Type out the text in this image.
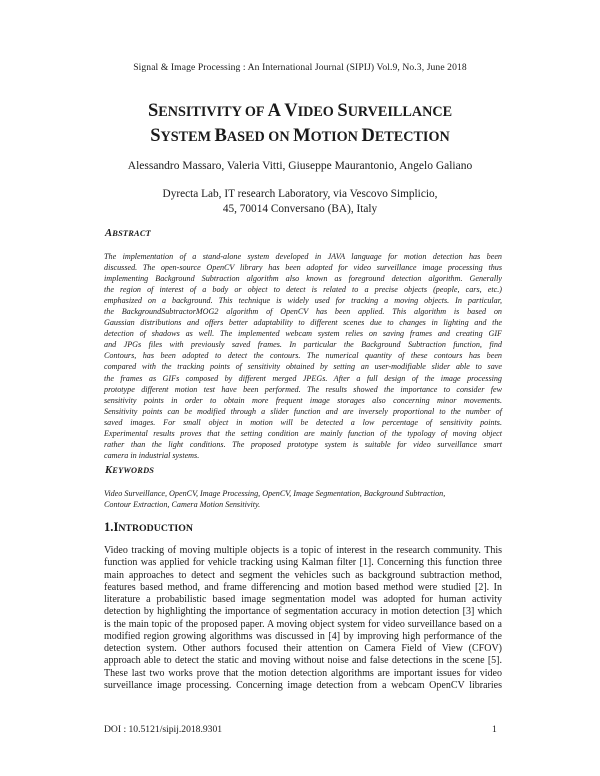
Signal & Image Processing : An International Journal (SIPIJ) Vol.9, No.3, June 2018
SENSITIVITY OF A VIDEO SURVEILLANCE
SYSTEM BASED ON MOTION DETECTION
Alessandro Massaro, Valeria Vitti, Giuseppe Maurantonio, Angelo Galiano
Dyrecta Lab, IT research Laboratory, via Vescovo Simplicio,
45, 70014 Conversano (BA), Italy
ABSTRACT
The implementation of a stand-alone system developed in JAVA language for motion detection has been
discussed. The open-source OpenCV library has been adopted for video surveillance image processing thus
implementing Background Subtraction algorithm also known as foreground detection algorithm. Generally
the region of interest of a body or object to detect is related to a precise objects (people, cars, etc.)
emphasized on a background. This technique is widely used for tracking a moving objects. In particular,
the BackgroundSubtractorMOG2 algorithm of OpenCV has been applied. This algorithm is based on
Gaussian distributions and offers better adaptability to different scenes due to changes in lighting and the
detection of shadows as well. The implemented webcam system relies on saving frames and creating GIF
and JPGs files with previously saved frames. In particular the Background Subtraction function, find
Contours, has been adopted to detect the contours. The numerical quantity of these contours has been
compared with the tracking points of sensitivity obtained by setting an user-modifiable slider able to save
the frames as GIFs composed by different merged JPEGs. After a full design of the image processing
prototype different motion test have been performed. The results showed the importance to consider few
sensitivity points in order to obtain more frequent image storages also concerning minor movements.
Sensitivity points can be modified through a slider function and are inversely proportional to the number of
saved images. For small object in motion will be detected a low percentage of sensitivity points.
Experimental results proves that the setting condition are mainly function of the typology of moving object
rather than the light conditions. The proposed prototype system is suitable for video surveillance smart
camera in industrial systems.
KEYWORDS
Video Surveillance, OpenCV, Image Processing, OpenCV, Image Segmentation, Background Subtraction,
Contour Extraction, Camera Motion Sensitivity.
1.INTRODUCTION
Video tracking of moving multiple objects is a topic of interest in the research community. This
function was applied for vehicle tracking using Kalman filter [1]. Concerning this function three
main approaches to detect and segment the vehicles such as background subtraction method,
features based method, and frame differencing and motion based method were studied [2]. In
literature a probabilistic based image segmentation model was adopted for human activity
detection by highlighting the importance of segmentation accuracy in motion detection [3] which
is the main topic of the proposed paper. A moving object system for video surveillance based on a
modified region growing algorithms was discussed in [4] by improving high performance of the
detection system. Other authors focused their attention on Camera Field of View (CFOV)
approach able to detect the static and moving without noise and false detections in the scene [5].
These last two works prove that the motion detection algorithms are important issues for video
surveillance image processing. Concerning image detection from a webcam OpenCV libraries
DOI : 10.5121/sipij.2018.9301	1
